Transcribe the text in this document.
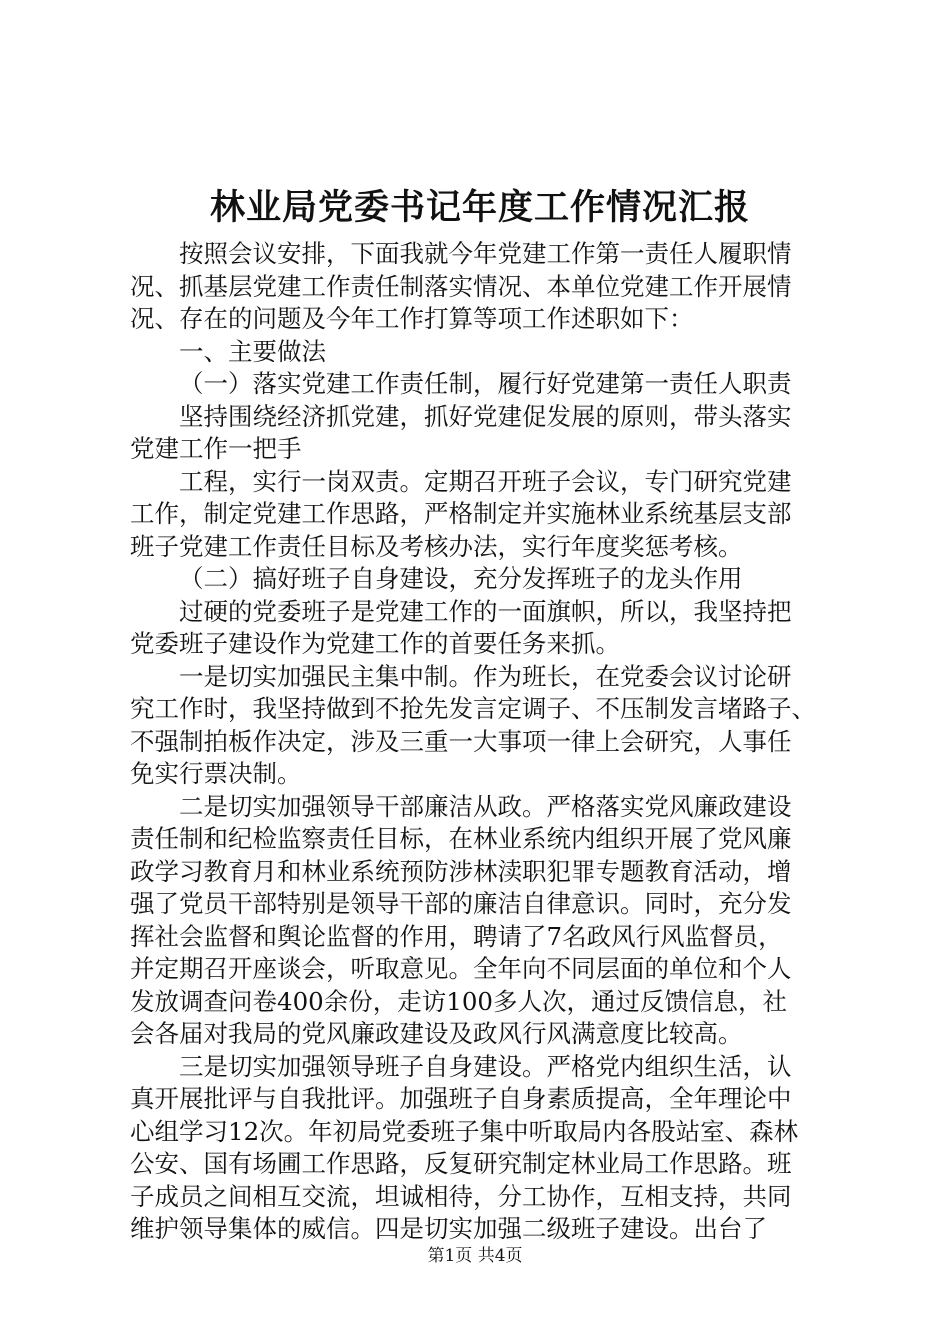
林业局党委书记年度工作情况汇报
按照会议安排，下面我就今年党建工作第一责任人履职情
况、抓基层党建工作责任制落实情况、本单位党建工作开展情
况、存在的问题及今年工作打算等项工作述职如下：
一、主要做法
（一）落实党建工作责任制，履行好党建第一责任人职责
坚持围绕经济抓党建，抓好党建促发展的原则，带头落实
党建工作一把手
工程，实行一岗双责。定期召开班子会议，专门研究党建
工作，制定党建工作思路，严格制定并实施林业系统基层支部
班子党建工作责任目标及考核办法，实行年度奖惩考核。
（二）搞好班子自身建设，充分发挥班子的龙头作用
过硬的党委班子是党建工作的一面旗帜，所以，我坚持把
党委班子建设作为党建工作的首要任务来抓。
一是切实加强民主集中制。作为班长，在党委会议讨论研
究工作时，我坚持做到不抢先发言定调子、不压制发言堵路子、
不强制拍板作决定，涉及三重一大事项一律上会研究，人事任
免实行票决制。
二是切实加强领导干部廉洁从政。严格落实党风廉政建设
责任制和纪检监察责任目标，在林业系统内组织开展了党风廉
政学习教育月和林业系统预防涉林渎职犯罪专题教育活动，增
强了党员干部特别是领导干部的廉洁自律意识。同时，充分发
挥社会监督和舆论监督的作用，聘请了7名政风行风监督员，
并定期召开座谈会，听取意见。全年向不同层面的单位和个人
发放调查问卷400余份，走访100多人次，通过反馈信息，社
会各届对我局的党风廉政建设及政风行风满意度比较高。
三是切实加强领导班子自身建设。严格党内组织生活，认
真开展批评与自我批评。加强班子自身素质提高，全年理论中
心组学习12次。年初局党委班子集中听取局内各股站室、森林
公安、国有场圃工作思路，反复研究制定林业局工作思路。班
子成员之间相互交流，坦诚相待，分工协作，互相支持，共同
维护领导集体的威信。四是切实加强二级班子建设。出台了
第1页 共4页
